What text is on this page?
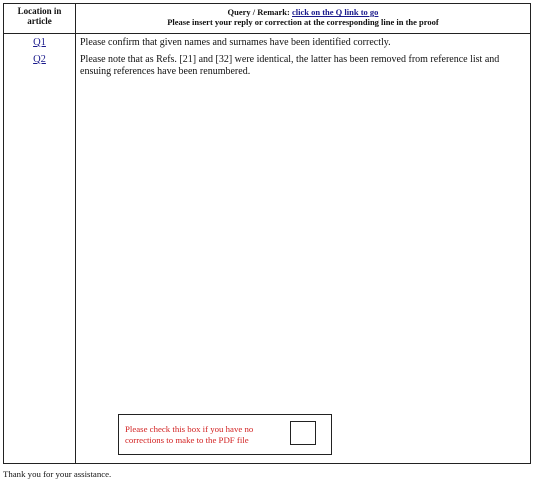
Location in
article
Query / Remark: click on the Q link to go
Please insert your reply or correction at the corresponding line in the proof
Q1	Please confirm that given names and surnames have been identified correctly.
Q2	Please note that as Refs. [21] and [32] were identical, the latter has been removed from reference list and ensuing references have been renumbered.
Please check this box if you have no
corrections to make to the PDF file
Thank you for your assistance.
